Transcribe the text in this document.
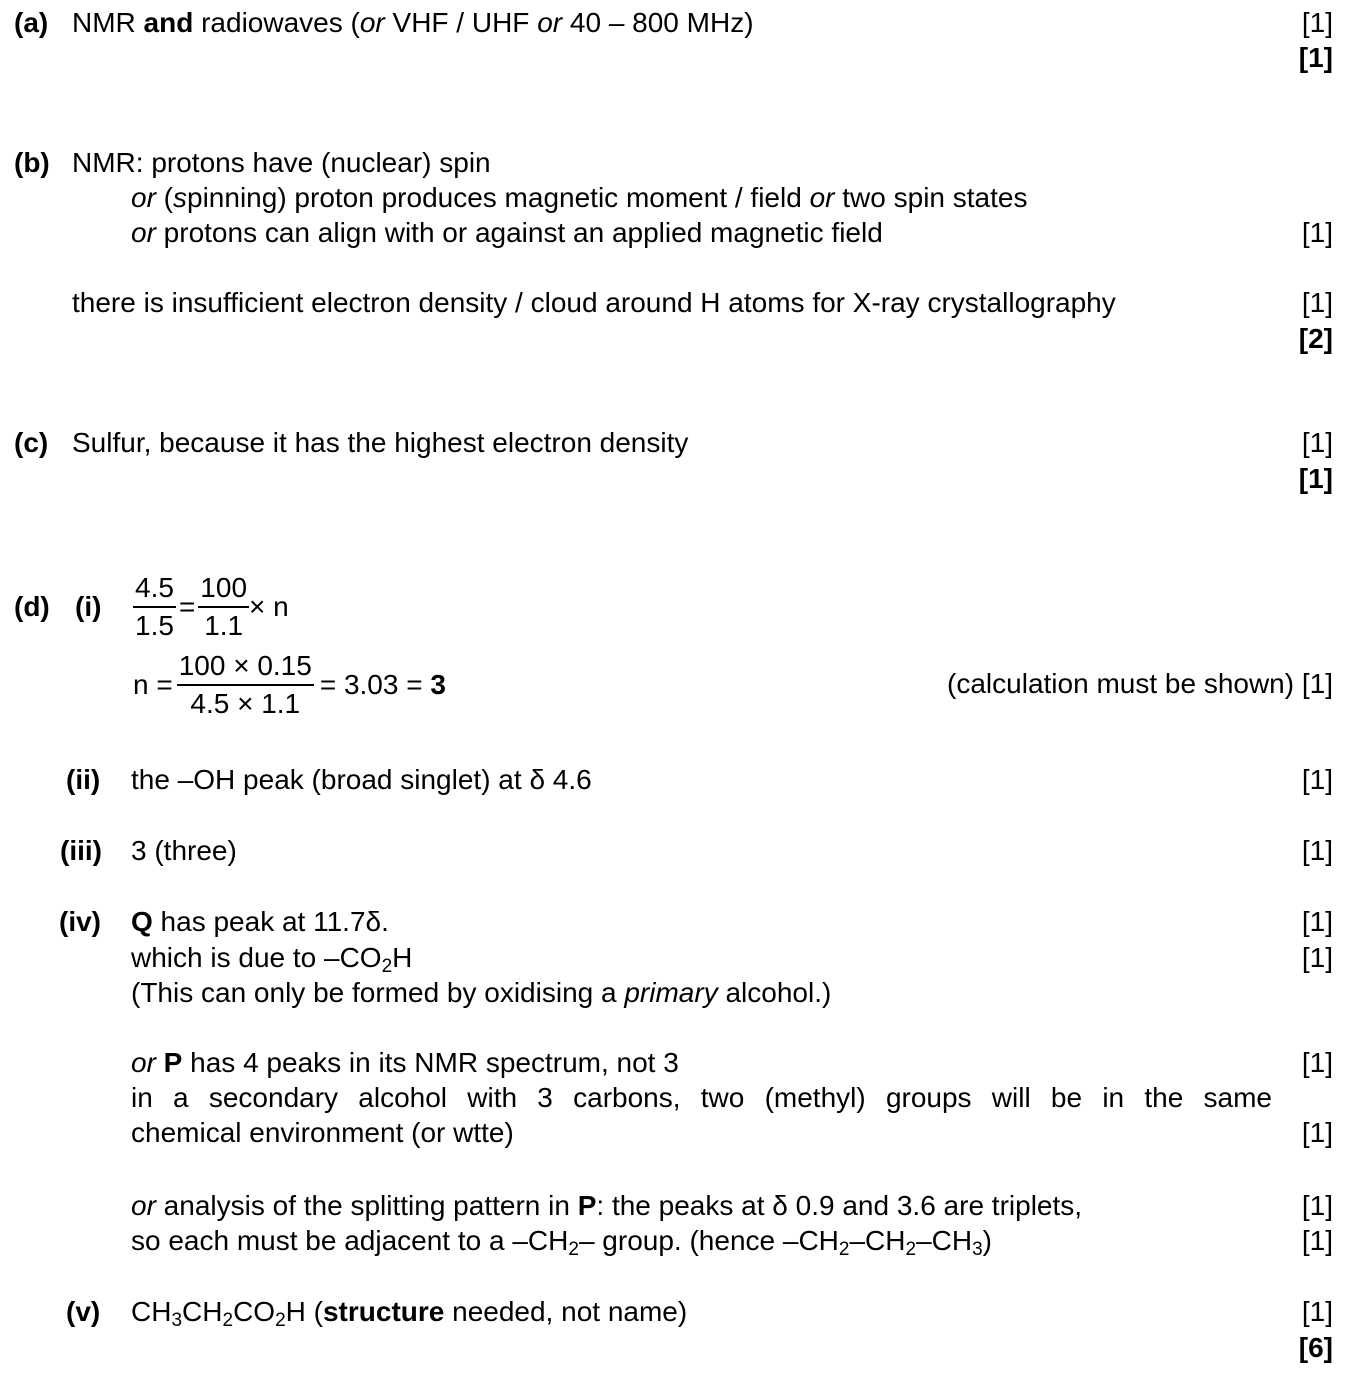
(a) NMR and radiowaves (or VHF / UHF or 40 – 800 MHz)	[1]
[1]
(b) NMR: protons have (nuclear) spin
or (spinning) proton produces magnetic moment / field or two spin states
or protons can align with or against an applied magnetic field	[1]
there is insufficient electron density / cloud around H atoms for X-ray crystallography	[1]
[2]
(c) Sulfur, because it has the highest electron density	[1]
[1]
(d) $(i) \frac{4.5}{1.5} = \frac{100}{1.1} \times n$
$n = \frac{100 \times 0.15}{4.5 \times 1.1} = 3.03 = 3$	(calculation must be shown) [1]
(ii) the –OH peak (broad singlet) at δ 4.6	[1]
(iii) 3 (three)	[1]
(iv) Q has peak at 11.7δ.	[1]
which is due to $-CO_2H$	[1]
(This can only be formed by oxidising a primary alcohol.)
or P has 4 peaks in its NMR spectrum, not 3	[1]
in a secondary alcohol with 3 carbons, two (methyl) groups will be in the same
chemical environment (or wtte)	[1]
or analysis of the splitting pattern in P: the peaks at δ 0.9 and 3.6 are triplets,	[1]
so each must be adjacent to a $-CH_2-$ group. (hence $-CH_2-CH_2-CH_3$)	[1]
(v) $CH_3CH_2CO_2H$ (structure needed, not name)	[1]
[6]
